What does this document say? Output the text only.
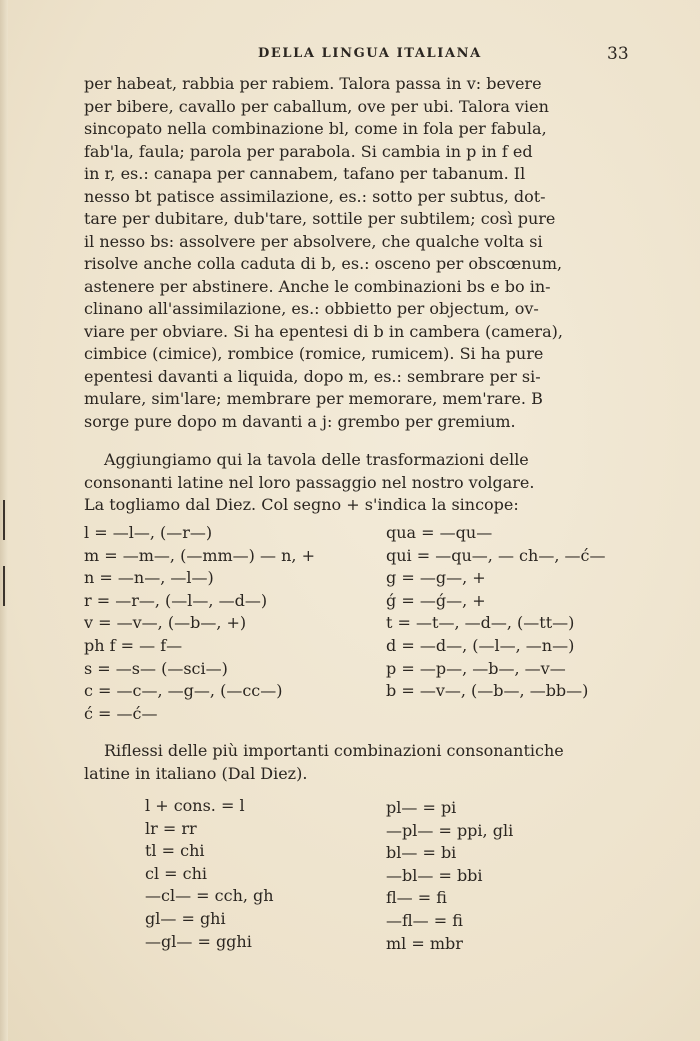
DELLA LINGUA ITALIANA	33
per habeat, rabbia per rabiem. Talora passa in v: bevere
per bibere, cavallo per caballum, ove per ubi. Talora vien
sincopato nella combinazione bl, come in fola per fabula,
fab'la, faula; parola per parabola. Si cambia in p in f ed
in r, es.: canapa per cannabem, tafano per tabanum. Il
nesso bt patisce assimilazione, es.: sotto per subtus, dot-
tare per dubitare, dub'tare, sottile per subtilem; così pure
il nesso bs: assolvere per absolvere, che qualche volta si
risolve anche colla caduta di b, es.: osceno per obscœnum,
astenere per abstinere. Anche le combinazioni bs e bo in-
clinano all'assimilazione, es.: obbietto per objectum, ov-
viare per obviare. Si ha epentesi di b in cambera (camera),
cimbice (cimice), rombice (romice, rumicem). Si ha pure
epentesi davanti a liquida, dopo m, es.: sembrare per si-
mulare, sim'lare; membrare per memorare, mem'rare. B
sorge pure dopo m davanti a j: grembo per gremium.
Aggiungiamo qui la tavola delle trasformazioni delle
consonanti latine nel loro passaggio nel nostro volgare.
La togliamo dal Diez. Col segno + s'indica la sincope:
l = —l—, (—r—)
m = —m—, (—mm—) — n, +
n = —n—, —l—)
r = —r—, (—l—, —d—)
v = —v—, (—b—, +)
ph f = — f—
s = —s— (—sci—)
c = —c—, —g—, (—cc—)
ć = —ć—
qua = —qu—
qui = —qu—, — ch—, —ć—
g = —g—, +
ǵ = —ǵ—, +
t = —t—, —d—, (—tt—)
d = —d—, (—l—, —n—)
p = —p—, —b—, —v—
b = —v—, (—b—, —bb—)
Riflessi delle più importanti combinazioni consonantiche
latine in italiano (Dal Diez).
l + cons. = l
lr = rr
tl = chi
cl = chi
—cl— = cch, gh
gl— = ghi
—gl— = gghi
pl— = pi
—pl— = ppi, gli
bl— = bi
—bl— = bbi
fl— = fi
—fl— = fi
ml = mbr
